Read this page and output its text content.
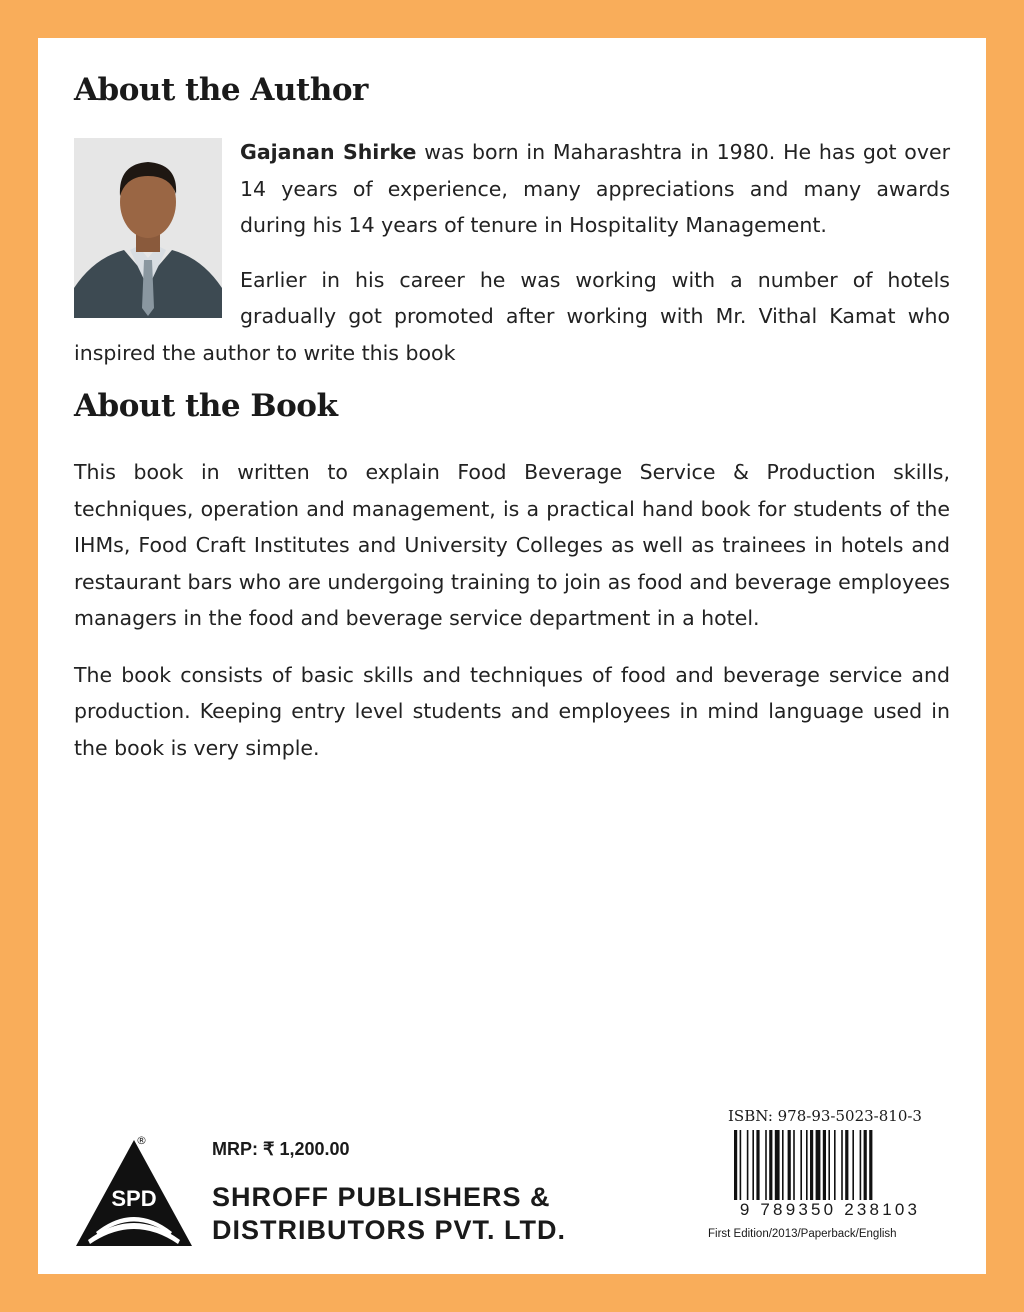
About the Author

Gajanan Shirke was born in Maharashtra in 1980. He has got over 14 years of experience, many appreciations and many awards during his 14 years of tenure in Hospitality Management.

Earlier in his career he was working with a number of hotels gradually got promoted after working with Mr. Vithal Kamat who inspired the author to write this book

About the Book

This book in written to explain Food Beverage Service & Production skills, techniques, operation and management, is a practical hand book for students of the IHMs, Food Craft Institutes and University Colleges as well as trainees in hotels and restaurant bars who are undergoing training to join as food and beverage employees managers in the food and beverage service department in a hotel.

The book consists of basic skills and techniques of food and beverage service and production. Keeping entry level students and employees in mind language used in the book is very simple.

SPD
®	MRP: ₹ 1,200.00
SHROFF PUBLISHERS &
DISTRIBUTORS PVT. LTD.
ISBN: 978-93-5023-810-3
9 789350 238103
First Edition/2013/Paperback/English
